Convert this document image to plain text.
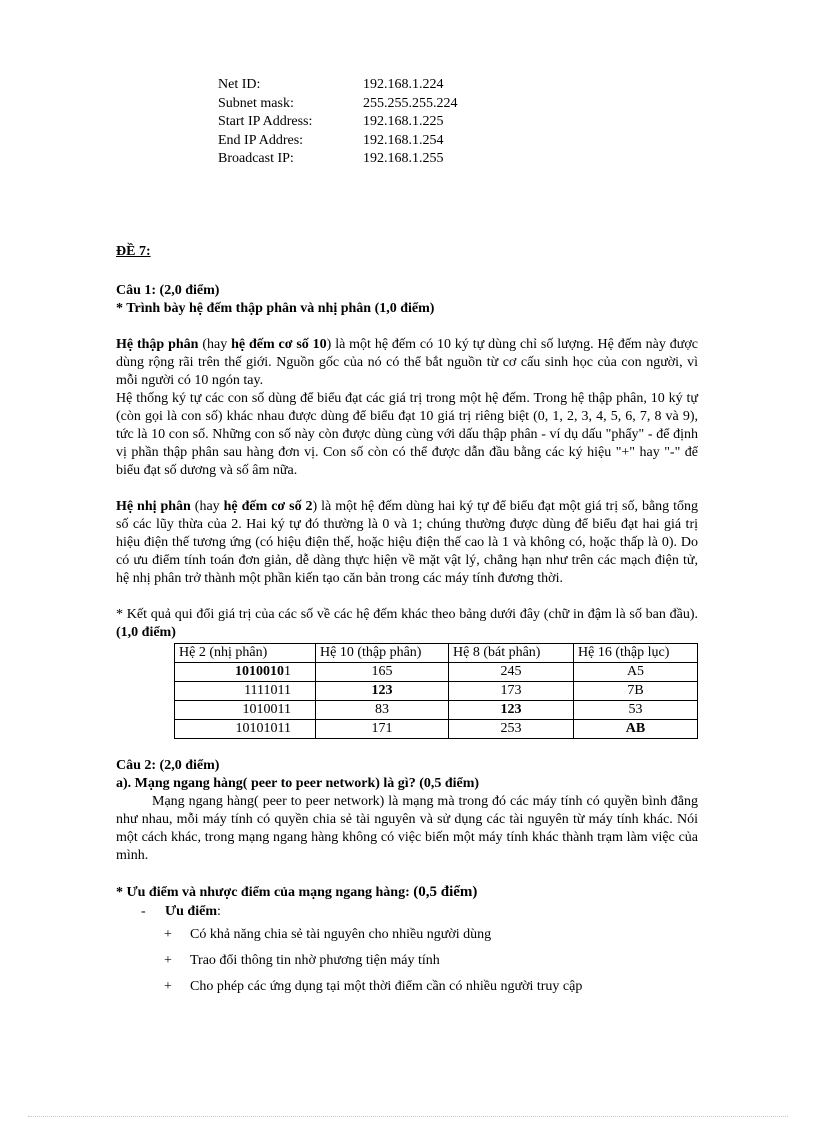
Net ID:	192.168.1.224
Subnet mask:	255.255.255.224
Start IP Address:	192.168.1.225
End IP Addres:	192.168.1.254
Broadcast IP:	192.168.1.255
ĐỀ 7:
Câu 1: (2,0 điểm)
* Trình bày hệ đếm thập phân và nhị phân (1,0 điểm)
Hệ thập phân (hay hệ đếm cơ số 10) là một hệ đếm có 10 ký tự dùng chỉ số lượng. Hệ đếm này được dùng rộng rãi trên thế giới. Nguồn gốc của nó có thể bắt nguồn từ cơ cấu sinh học của con người, vì mỗi người có 10 ngón tay.
Hệ thống ký tự các con số dùng để biểu đạt các giá trị trong một hệ đếm. Trong hệ thập phân, 10 ký tự (còn gọi là con số) khác nhau được dùng để biểu đạt 10 giá trị riêng biệt (0, 1, 2, 3, 4, 5, 6, 7, 8 và 9), tức là 10 con số. Những con số này còn được dùng cùng với dấu thập phân - ví dụ dấu "phẩy" - để định vị phần thập phân sau hàng đơn vị. Con số còn có thể được dẫn đầu bằng các ký hiệu "+" hay "-" để biểu đạt số dương và số âm nữa.
Hệ nhị phân (hay hệ đếm cơ số 2) là một hệ đếm dùng hai ký tự để biểu đạt một giá trị số, bằng tổng số các lũy thừa của 2. Hai ký tự đó thường là 0 và 1; chúng thường được dùng để biểu đạt hai giá trị hiệu điện thế tương ứng (có hiệu điện thế, hoặc hiệu điện thế cao là 1 và không có, hoặc thấp là 0). Do có ưu điểm tính toán đơn giản, dễ dàng thực hiện về mặt vật lý, chẳng hạn như trên các mạch điện tử, hệ nhị phân trở thành một phần kiến tạo căn bản trong các máy tính đương thời.
* Kết quả qui đổi giá trị của các số về các hệ đếm khác theo bảng dưới đây (chữ in đậm là số ban đầu). (1,0 điểm)
Hệ 2 (nhị phân)	Hệ 10 (thập phân)	Hệ 8 (bát phân)	Hệ 16 (thập lục)
10100101	165	245	A5
1111011	123	173	7B
1010011	83	123	53
10101011	171	253	AB
Câu 2: (2,0 điểm)
a). Mạng ngang hàng( peer to peer network) là gì? (0,5 điểm)
Mạng ngang hàng( peer to peer network) là mạng mà trong đó các máy tính có quyền bình đẳng như nhau, mỗi máy tính có quyền chia sẻ tài nguyên và sử dụng các tài nguyên từ máy tính khác. Nói một cách khác, trong mạng ngang hàng không có việc biến một máy tính khác thành trạm làm việc của mình.
* Ưu điểm và nhược điểm của mạng ngang hàng: (0,5 điểm)
- Ưu điểm:
+ Có khả năng chia sẻ tài nguyên cho nhiều người dùng
+ Trao đổi thông tin nhờ phương tiện máy tính
+ Cho phép các ứng dụng tại một thời điểm cần có nhiều người truy cập
